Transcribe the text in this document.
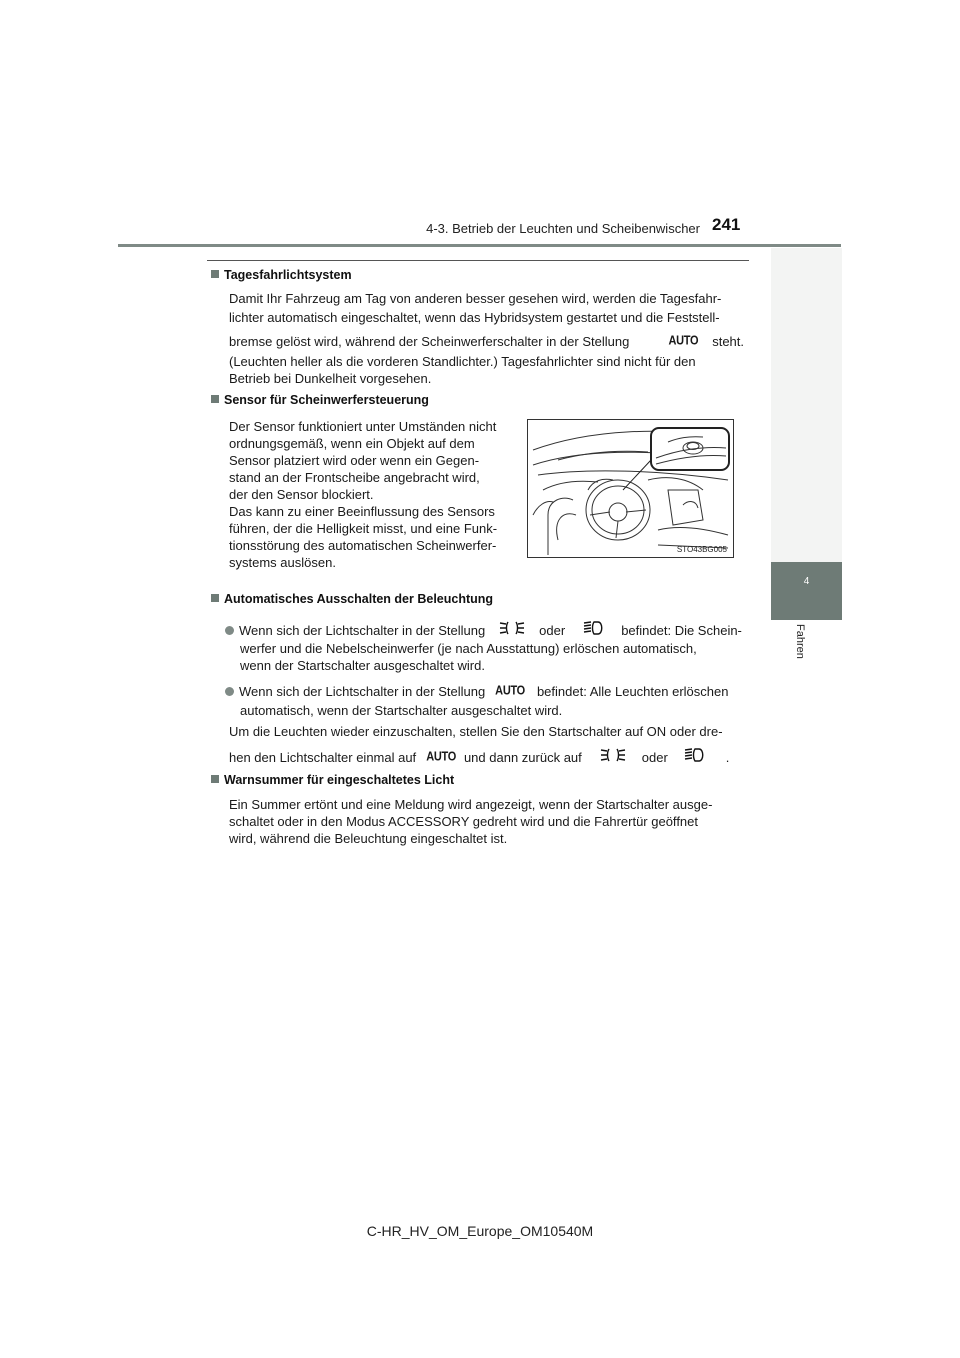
4-3. Betrieb der Leuchten und Scheibenwischer 241
4
Fahren
Tagesfahrlichtsystem
Damit Ihr Fahrzeug am Tag von anderen besser gesehen wird, werden die Tagesfahr-
lichter automatisch eingeschaltet, wenn das Hybridsystem gestartet und die Feststell-
bremse gelöst wird, während der Scheinwerferschalter in der Stellung	AUTO steht.
(Leuchten heller als die vorderen Standlichter.) Tagesfahrlichter sind nicht für den
Betrieb bei Dunkelheit vorgesehen.
Sensor für Scheinwerfersteuerung
Der Sensor funktioniert unter Umständen nicht
ordnungsgemäß, wenn ein Objekt auf dem
Sensor platziert wird oder wenn ein Gegen-
stand an der Frontscheibe angebracht wird,
der den Sensor blockiert.
Das kann zu einer Beeinflussung des Sensors
führen, der die Helligkeit misst, und eine Funk-
tionsstörung des automatischen Scheinwerfer-
systems auslösen.
STO43BG005
Automatisches Ausschalten der Beleuchtung
Wenn sich der Lichtschalter in der Stellung	oder	befindet: Die Schein-
werfer und die Nebelscheinwerfer (je nach Ausstattung) erlöschen automatisch,
wenn der Startschalter ausgeschaltet wird.
Wenn sich der Lichtschalter in der Stellung AUTO befindet: Alle Leuchten erlöschen
automatisch, wenn der Startschalter ausgeschaltet wird.
Um die Leuchten wieder einzuschalten, stellen Sie den Startschalter auf ON oder dre-
hen den Lichtschalter einmal auf AUTO und dann zurück auf	oder	.
Warnsummer für eingeschaltetes Licht
Ein Summer ertönt und eine Meldung wird angezeigt, wenn der Startschalter ausge-
schaltet oder in den Modus ACCESSORY gedreht wird und die Fahrertür geöffnet
wird, während die Beleuchtung eingeschaltet ist.
C-HR_HV_OM_Europe_OM10540M
